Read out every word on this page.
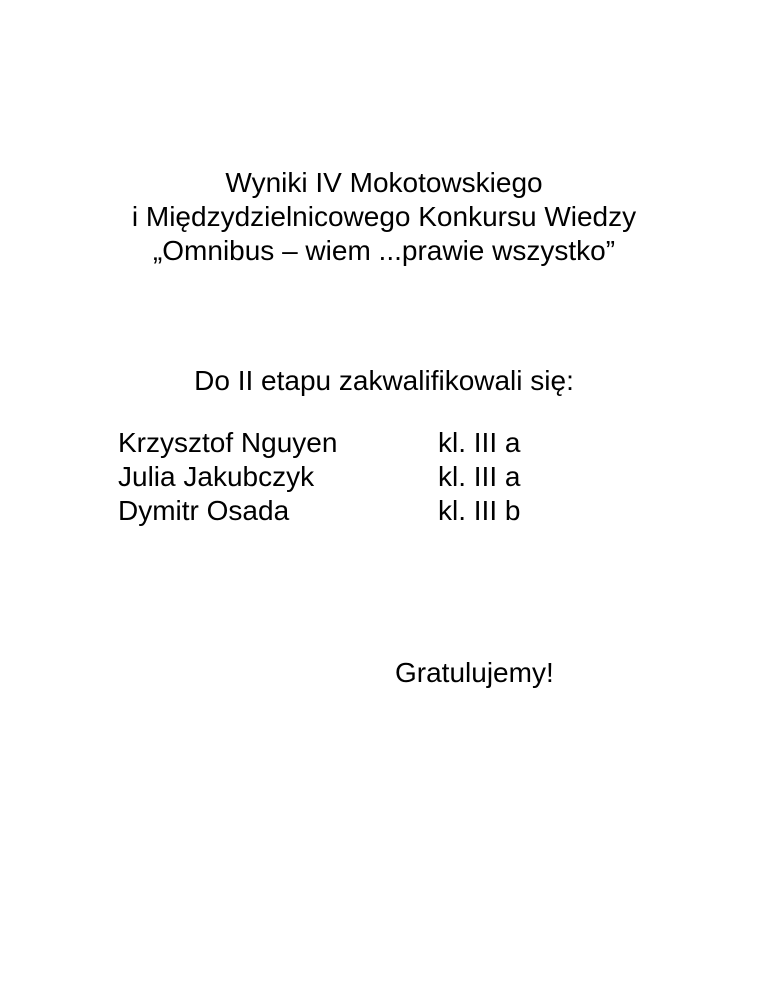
Wyniki IV Mokotowskiego
i Międzydzielnicowego Konkursu Wiedzy
„Omnibus – wiem ...prawie wszystko”
Do II etapu zakwalifikowali się:
Krzysztof Nguyen	kl. III a
Julia Jakubczyk	kl. III a
Dymitr Osada	kl. III b
Gratulujemy!
